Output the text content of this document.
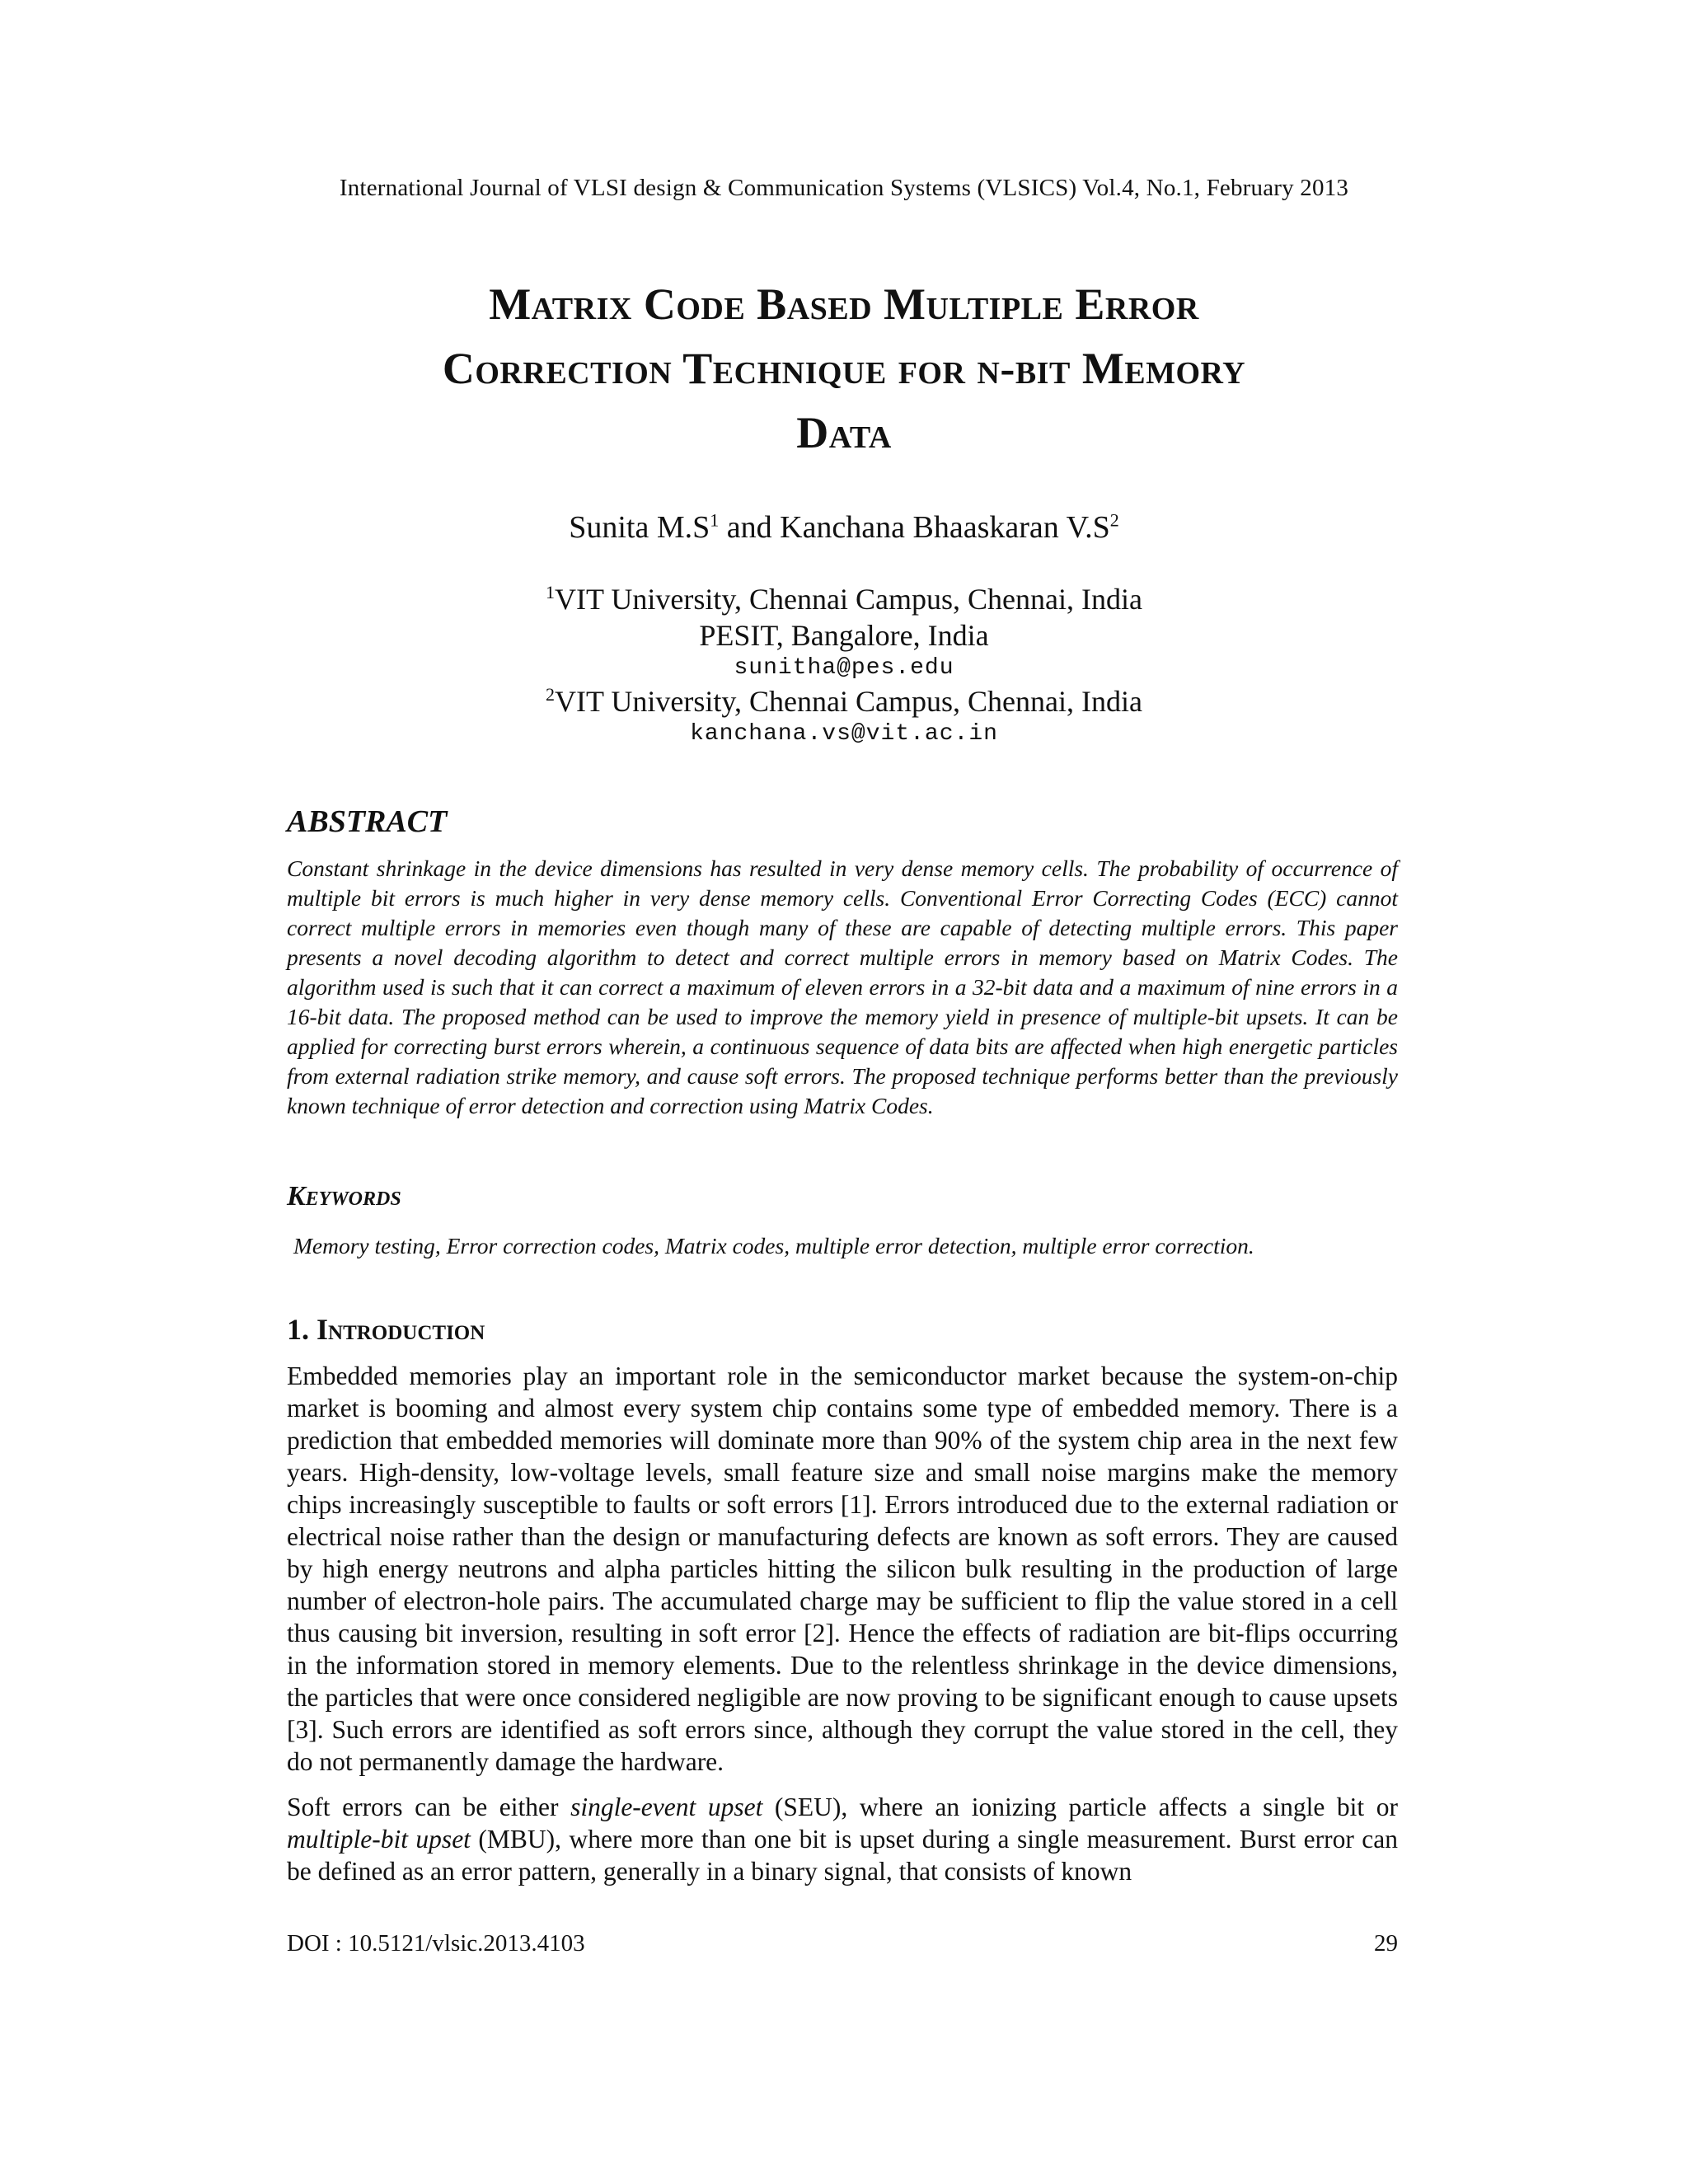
International Journal of VLSI design & Communication Systems (VLSICS) Vol.4, No.1, February 2013
Matrix Code Based Multiple Error
Correction Technique for n-bit Memory
Data
Sunita $M.S^1$ and Kanchana Bhaaskaran $V.S^2$
$^1$VIT University, Chennai Campus, Chennai, India
PESIT, Bangalore, India
sunitha@pes.edu
$^2$VIT University, Chennai Campus, Chennai, India
kanchana.vs@vit.ac.in
ABSTRACT
Constant shrinkage in the device dimensions has resulted in very dense memory cells. The probability of occurrence of multiple bit errors is much higher in very dense memory cells. Conventional Error Correcting Codes (ECC) cannot correct multiple errors in memories even though many of these are capable of detecting multiple errors. This paper presents a novel decoding algorithm to detect and correct multiple errors in memory based on Matrix Codes. The algorithm used is such that it can correct a maximum of eleven errors in a 32-bit data and a maximum of nine errors in a 16-bit data. The proposed method can be used to improve the memory yield in presence of multiple-bit upsets. It can be applied for correcting burst errors wherein, a continuous sequence of data bits are affected when high energetic particles from external radiation strike memory, and cause soft errors. The proposed technique performs better than the previously known technique of error detection and correction using Matrix Codes.
Keywords
Memory testing, Error correction codes, Matrix codes, multiple error detection, multiple error correction.
1. Introduction

Embedded memories play an important role in the semiconductor market because the system-on-chip market is booming and almost every system chip contains some type of embedded memory. There is a prediction that embedded memories will dominate more than 90% of the system chip area in the next few years. High-density, low-voltage levels, small feature size and small noise margins make the memory chips increasingly susceptible to faults or soft errors [1]. Errors introduced due to the external radiation or electrical noise rather than the design or manufacturing defects are known as soft errors. They are caused by high energy neutrons and alpha particles hitting the silicon bulk resulting in the production of large number of electron-hole pairs. The accumulated charge may be sufficient to flip the value stored in a cell thus causing bit inversion, resulting in soft error [2]. Hence the effects of radiation are bit-flips occurring in the information stored in memory elements. Due to the relentless shrinkage in the device dimensions, the particles that were once considered negligible are now proving to be significant enough to cause upsets [3]. Such errors are identified as soft errors since, although they corrupt the value stored in the cell, they do not permanently damage the hardware.

Soft errors can be either single-event upset (SEU), where an ionizing particle affects a single bit or multiple-bit upset (MBU), where more than one bit is upset during a single measurement. Burst error can be defined as an error pattern, generally in a binary signal, that consists of known

DOI : 10.5121/vlsic.2013.4103	29
